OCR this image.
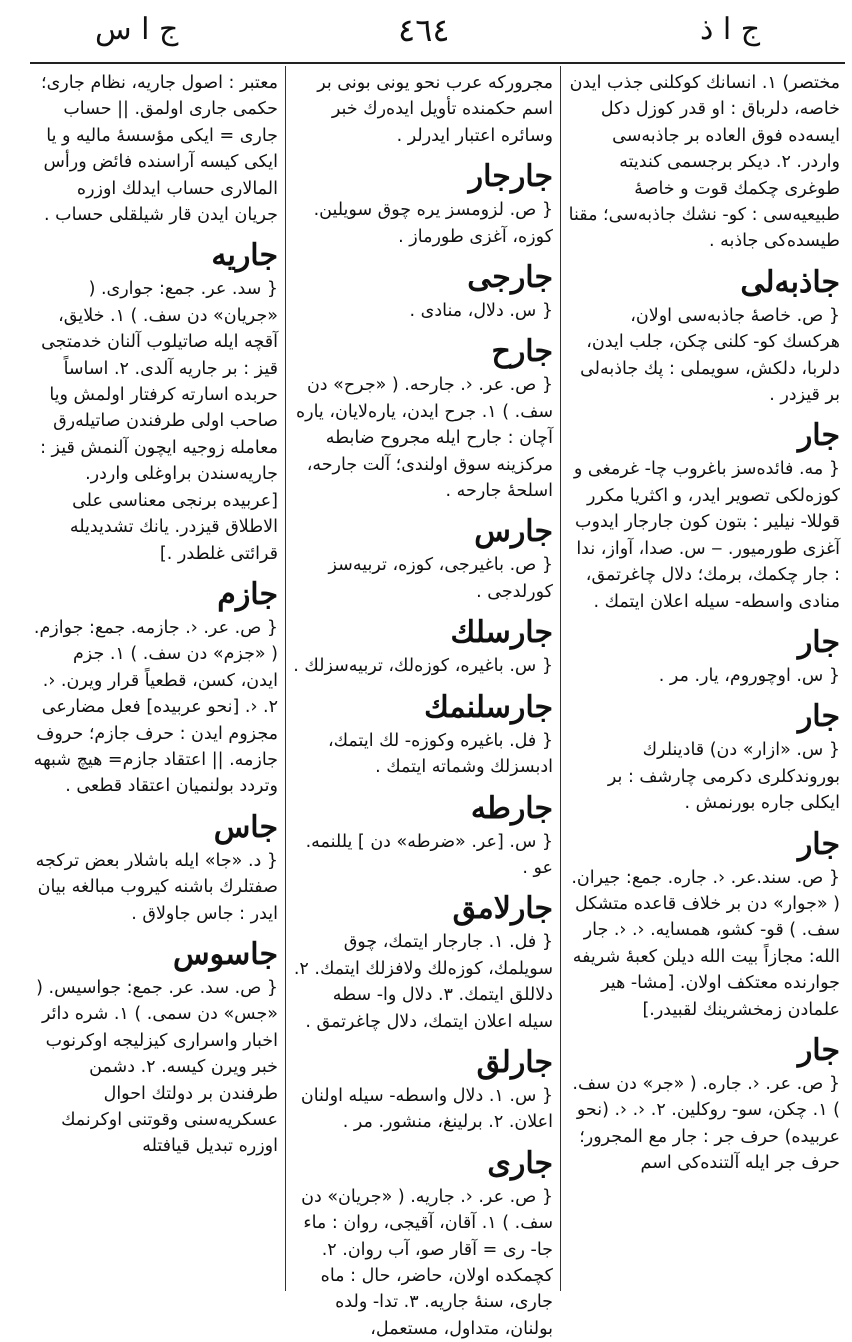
ج ا س	٤٦٤	ج ا ذ

مختصر) ۱. انسانك كوكلنى جذب ايدن خاصه، دلرباق : او قدر كوزل دكل ايسه‌ده فوق العاده بر جاذبه‌سى واردر. ۲. ديكر برجسمى كنديته طوغرى چكمك قوت و خاصهٔ طبيعيه‌سى : كو- نشك جاذبه‌سى؛ مقنا طيسده‌كى جاذبه .

جاذبه‌لى

{ ص. خاصهٔ جاذبه‌سى اولان، هركسك كو- كلنى چكن، جلب ايدن، دلربا، دلكش، سويملى : پك جاذبه‌لى بر قيزدر .

جار

{ مه. فائده‌سز باغروب چا- غرمغى و كوزه‌لكى تصوير ايدر، و اكثريا مكرر قوللا- نيلير : بتون كون جارجار ايدوب آغزى طورميور. ‒ س. صدا، آواز، ندا : جار چكمك، برمك؛ دلال چاغرتمق، منادى واسطه- سيله اعلان ايتمك .

جار

{ س. اوچوروم، يار. مر .

جار

{ س. «ازار» دن) قادينلرك بوروندكلرى دكرمى چارشف : بر ايكلى جاره بورنمش .

جار

{ ص. سند.عر. ‹. جاره. جمع: جيران. ( «جوار» دن بر خلاف قاعده متشكل سف. ) قو- كشو، همسايه. ‹. ‹. جار الله: مجازاً بيت الله ديلن كعبهٔ شريفه جوارنده معتكف اولان. [مشا- هير علمادن زمخشرينك لقبيدر.]

جار

{ ص. عر. ‹. جاره. ( «جر» دن سف. ) ۱. چكن، سو- روكلين. ۲. ‹. ‹. (نحو عربيده) حرف جر : جار مع المجرور؛ حرف جر ايله آلتنده‌كى اسم

مجروركه عرب نحو يونى بونى بر اسم حكمنده تأويل ايده‌رك خبر وسائره اعتبار ايدرلر .

جارجار

{ ص. لزومسز يره چوق سويلين. كوزه، آغزى طورماز .

جارجى

{ س. دلال، منادى .

جارح

{ ص. عر. ‹. جارحه. ( «جرح» دن سف. ) ۱. جرح ايدن، ياره‌لايان، ياره آچان : جارح ايله مجروح ضابطه مركزينه سوق اولندى؛ آلت جارحه، اسلحهٔ جارحه .

جارس

{ ص. باغيرجى، كوزه، تربيه‌سز كورلدجى .

جارسلك

{ س. باغيره، كوزه‌لك، تربيه‌سزلك .

جارسلنمك

{ فل. باغيره وكوزه- لك ايتمك، ادبسزلك وشماته ايتمك .

جارطه

{ س. [عر. «ضرطه» دن ] يللنمه. عو .

جارلامق

{ فل. ۱. جارجار ايتمك، چوق سويلمك، كوزه‌لك ولافزلك ايتمك. ۲. دلاللق ايتمك. ۳. دلال وا- سطه سيله اعلان ايتمك، دلال چاغرتمق .

جارلق

{ س. ۱. دلال واسطه- سيله اولنان اعلان. ۲. برلينغ، منشور. مر .

جارى

{ ص. عر. ‹. جاريه. ( «جريان» دن سف. ) ۱. آقان، آقيجى، روان : ماء جا- رى = آقار صو، آب روان. ۲. كچمكده اولان، حاضر، حال : ماه جارى، سنهٔ جاريه. ۳. تدا- ولده بولنان، متداول، مستعمل،

معتبر : اصول جاريه، نظام جارى؛ حكمى جارى اولمق. || حساب جارى = ايكى مؤسسهٔ ماليه و يا ايكى كيسه آراسنده فائض ورأس المالارى حساب ايدلك اوزره جريان ايدن قار شيلقلى حساب .

جاريه

{ سد. عر. جمع: جوارى. ( «جريان» دن سف. ) ۱. خلايق، آقچه ايله صاتيلوب آلنان خدمتجى قيز : بر جاريه آلدى. ۲. اساساً حربده اسارته كرفتار اولمش ويا صاحب اولى طرفندن صاتيله‌رق معامله زوجيه ايچون آلنمش قيز : جاريه‌سندن براوغلى واردر. [عربيده برنجى معناسى على الاطلاق قيزدر. يانك تشديديله قرائتى غلطدر .]

جازم

{ ص. عر. ‹. جازمه. جمع: جوازم. ( «جزم» دن سف. ) ۱. جزم ايدن، كسن، قطعياً قرار ويرن. ‹. ۲. ‹. [نحو عربيده] فعل مضارعى مجزوم ايدن : حرف جازم؛ حروف جازمه. || اعتقاد جازم= هيچ شبهه وتردد بولنميان اعتقاد قطعى .

جاس

{ د. «جا» ايله باشلار بعض تركجه صفتلرك باشنه كيروب مبالغه بيان ايدر : جاس جاولاق .

جاسوس

{ ص. سد. عر. جمع: جواسيس. ( «جس» دن سمى. ) ۱. شره دائر اخبار واسرارى كيزليجه اوكرنوب خبر ويرن كيسه. ۲. دشمن طرفندن بر دولتك احوال عسكريه‌سنى وقوتنى اوكرنمك اوزره تبديل قيافتله
